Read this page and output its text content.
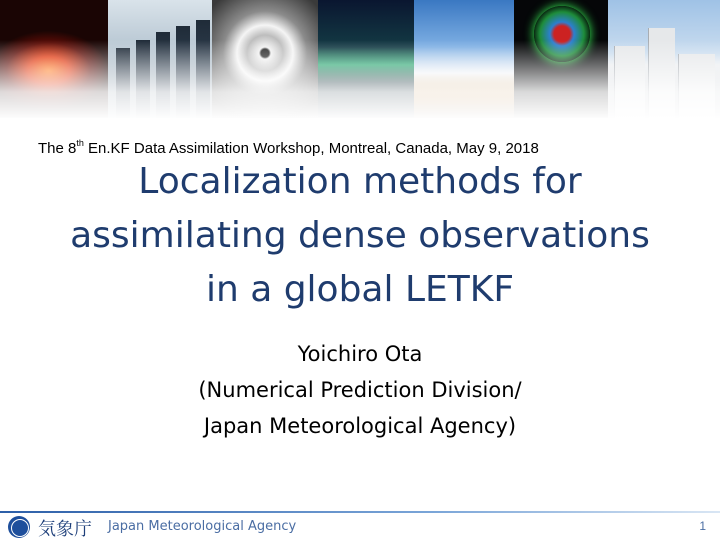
The 8th En.KF Data Assimilation Workshop, Montreal, Canada, May 9, 2018
Localization methods for
assimilating dense observations
in a global LETKF
Yoichiro Ota
(Numerical Prediction Division/
Japan Meteorological Agency)
気象庁 Japan Meteorological Agency	1
